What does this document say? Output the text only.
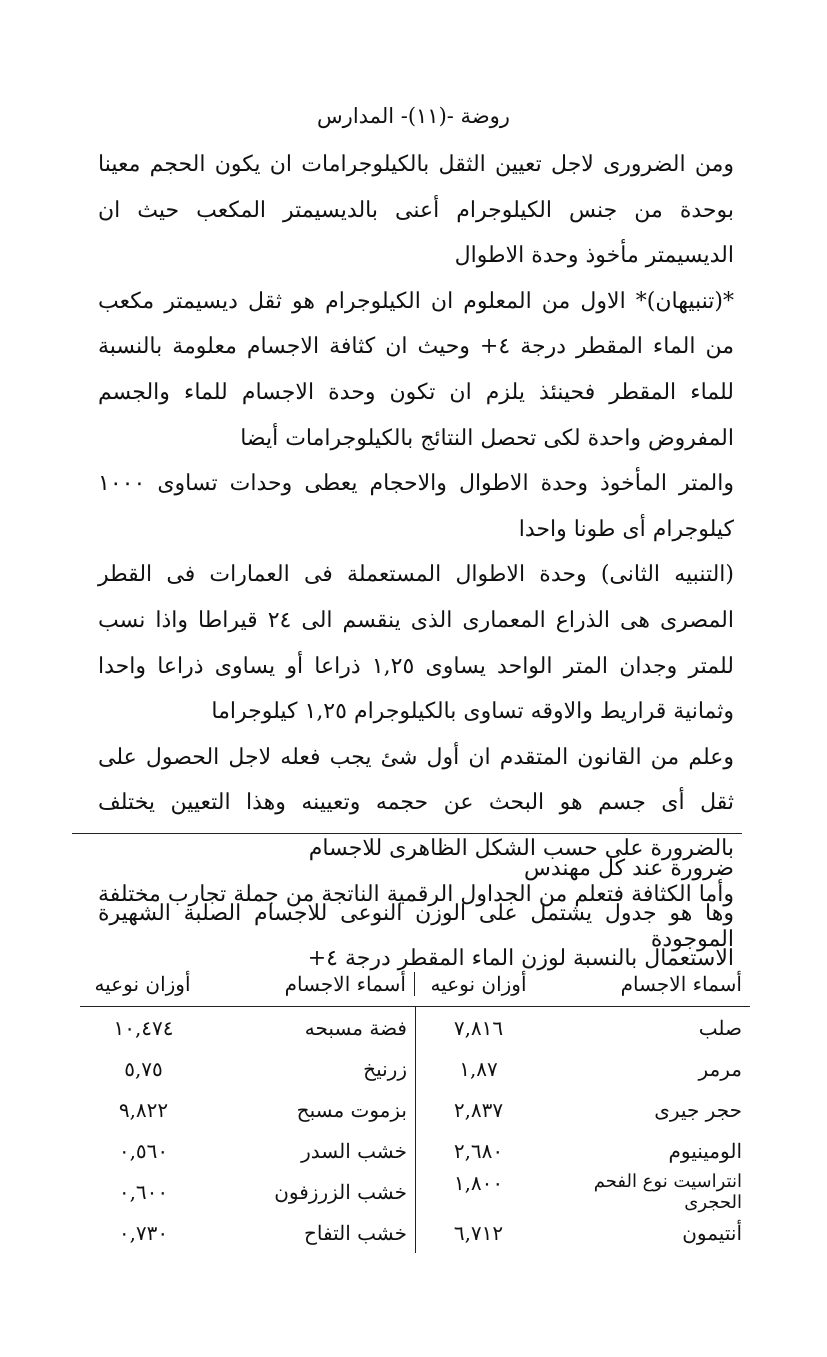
روضة -(١١)- المدارس

ومن الضرورى لاجل تعيين الثقل بالكيلوجرامات ان يكون الحجم معينا بوحدة من جنس الكيلوجرام أعنى بالديسيمتر المكعب حيث ان الديسيمتر مأخوذ وحدة الاطوال

*(تنبيهان)* الاول من المعلوم ان الكيلوجرام هو ثقل ديسيمتر مكعب من الماء المقطر درجة ٤+ وحيث ان كثافة الاجسام معلومة بالنسبة للماء المقطر فحينئذ يلزم ان تكون وحدة الاجسام للماء والجسم المفروض واحدة لكى تحصل النتائج بالكيلوجرامات أيضا

والمتر المأخوذ وحدة الاطوال والاحجام يعطى وحدات تساوى ١٠٠٠ كيلوجرام أى طونا واحدا

(التنبيه الثانى) وحدة الاطوال المستعملة فى العمارات فى القطر المصرى هى الذراع المعمارى الذى ينقسم الى ٢٤ قيراطا واذا نسب للمتر وجدان المتر الواحد يساوى ١,٢٥ ذراعا أو يساوى ذراعا واحدا وثمانية قراريط والاوقه تساوى بالكيلوجرام ١,٢٥ كيلوجراما

وعلم من القانون المتقدم ان أول شئ يجب فعله لاجل الحصول على ثقل أى جسم هو البحث عن حجمه وتعيينه وهذا التعيين يختلف بالضرورة على حسب الشكل الظاهرى للاجسام

وأما الكثافة فتعلم من الجداول الرقمية الناتجة من جملة تجارب مختلفة الموجودة

ضرورة عند كل مهندس

وها هو جدول يشتمل على الوزن النوعى للاجسام الصلبة الشهيرة الاستعمال بالنسبة لوزن الماء المقطر درجة ٤+

أسماء الاجسام
أوزان نوعيه
أسماء الاجسام
أوزان نوعيه
صلب
٧,٨١٦
فضة مسبحه
١٠,٤٧٤
مرمر
١,٨٧
زرنيخ
٥,٧٥
حجر جيرى
٢,٨٣٧
بزموت مسبح
٩,٨٢٢
الومينيوم
٢,٦٨٠
خشب السدر
٠,٥٦٠
انتراسيت نوع الفحم الحجرى
١,٨٠٠
خشب الزرزفون
٠,٦٠٠
أنتيمون
٦,٧١٢
خشب التفاح
٠,٧٣٠
